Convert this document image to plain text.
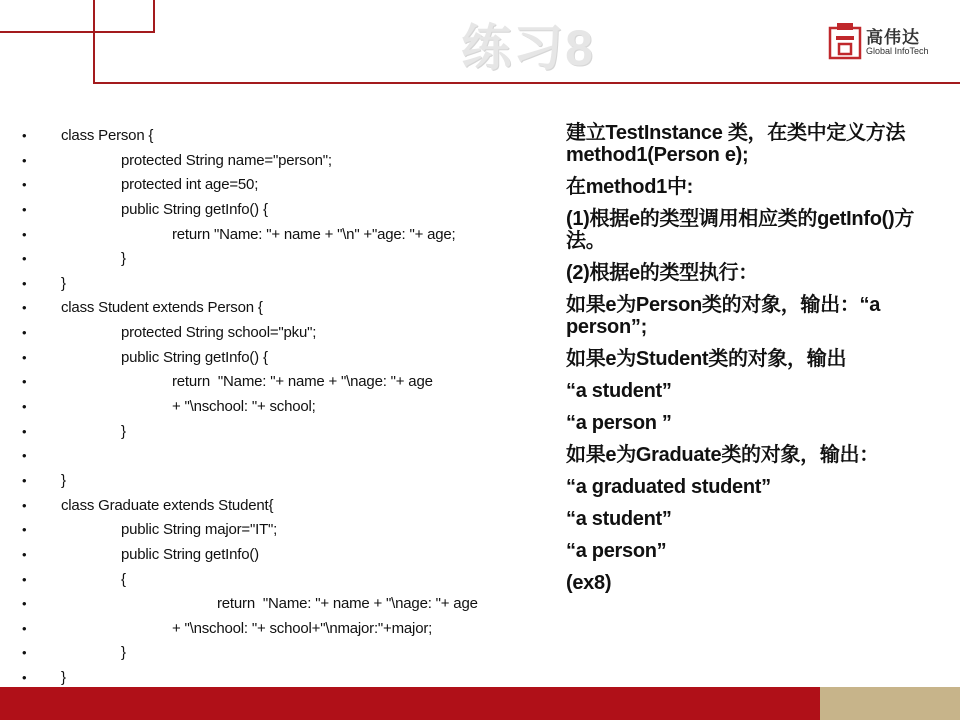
练习8	高伟达
Global InfoTech
• class Person {
•	protected String name="person";
•	protected int age=50;
•	public String getInfo() {
•	return "Name: "+ name + "\n" +"age: "+ age;
•	}
• }
• class Student extends Person {
•	protected String school="pku";
•	public String getInfo() {
•	return  "Name: "+ name + "\nage: "+ age
•	+ "\nschool: "+ school;
•	}
•
• }
• class Graduate extends Student{
•	public String major="IT";
•	public String getInfo()
•	{
•	return  "Name: "+ name + "\nage: "+ age
•	+ "\nschool: "+ school+"\nmajor:"+major;
•	}
• }

建立TestInstance 类，在类中定义方法method1(Person e);

在method1中:

(1)根据e的类型调用相应类的getInfo()方法。

(2)根据e的类型执行：

如果e为Person类的对象，输出：“a person”;

如果e为Student类的对象，输出

“a student”

“a person ”

如果e为Graduate类的对象，输出：

“a graduated student”

“a student”

“a person”

(ex8)
